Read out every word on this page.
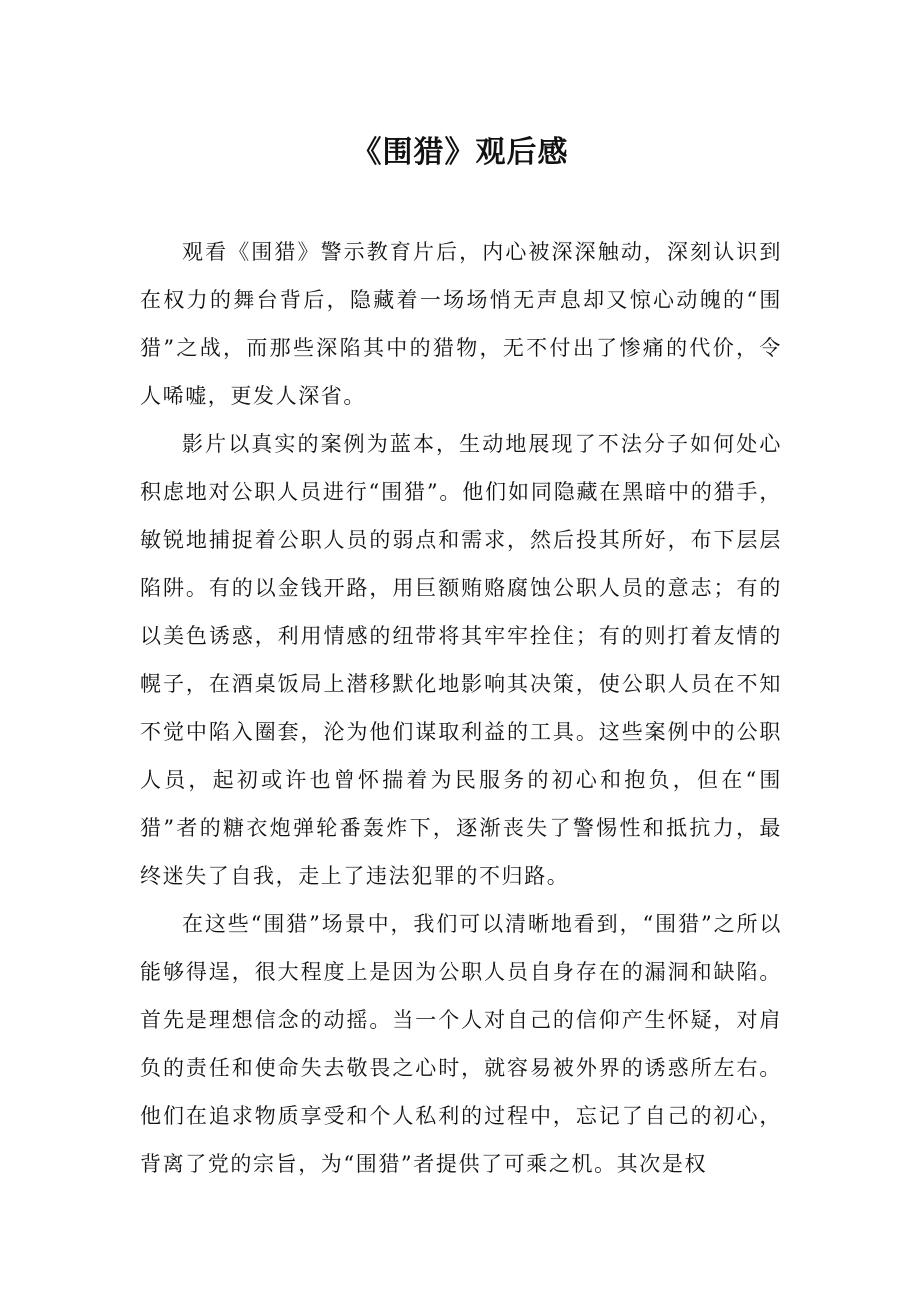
《围猎》观后感

观看《围猎》警示教育片后，内心被深深触动，深刻认识到在权力的舞台背后，隐藏着一场场悄无声息却又惊心动魄的“围猎”之战，而那些深陷其中的猎物，无不付出了惨痛的代价，令人唏嘘，更发人深省。

影片以真实的案例为蓝本，生动地展现了不法分子如何处心积虑地对公职人员进行“围猎”。他们如同隐藏在黑暗中的猎手，敏锐地捕捉着公职人员的弱点和需求，然后投其所好，布下层层陷阱。有的以金钱开路，用巨额贿赂腐蚀公职人员的意志；有的以美色诱惑，利用情感的纽带将其牢牢拴住；有的则打着友情的幌子，在酒桌饭局上潜移默化地影响其决策，使公职人员在不知不觉中陷入圈套，沦为他们谋取利益的工具。这些案例中的公职人员，起初或许也曾怀揣着为民服务的初心和抱负，但在“围猎”者的糖衣炮弹轮番轰炸下，逐渐丧失了警惕性和抵抗力，最终迷失了自我，走上了违法犯罪的不归路。

在这些“围猎”场景中，我们可以清晰地看到，“围猎”之所以能够得逞，很大程度上是因为公职人员自身存在的漏洞和缺陷。首先是理想信念的动摇。当一个人对自己的信仰产生怀疑，对肩负的责任和使命失去敬畏之心时，就容易被外界的诱惑所左右。他们在追求物质享受和个人私利的过程中，忘记了自己的初心，背离了党的宗旨，为“围猎”者提供了可乘之机。其次是权
